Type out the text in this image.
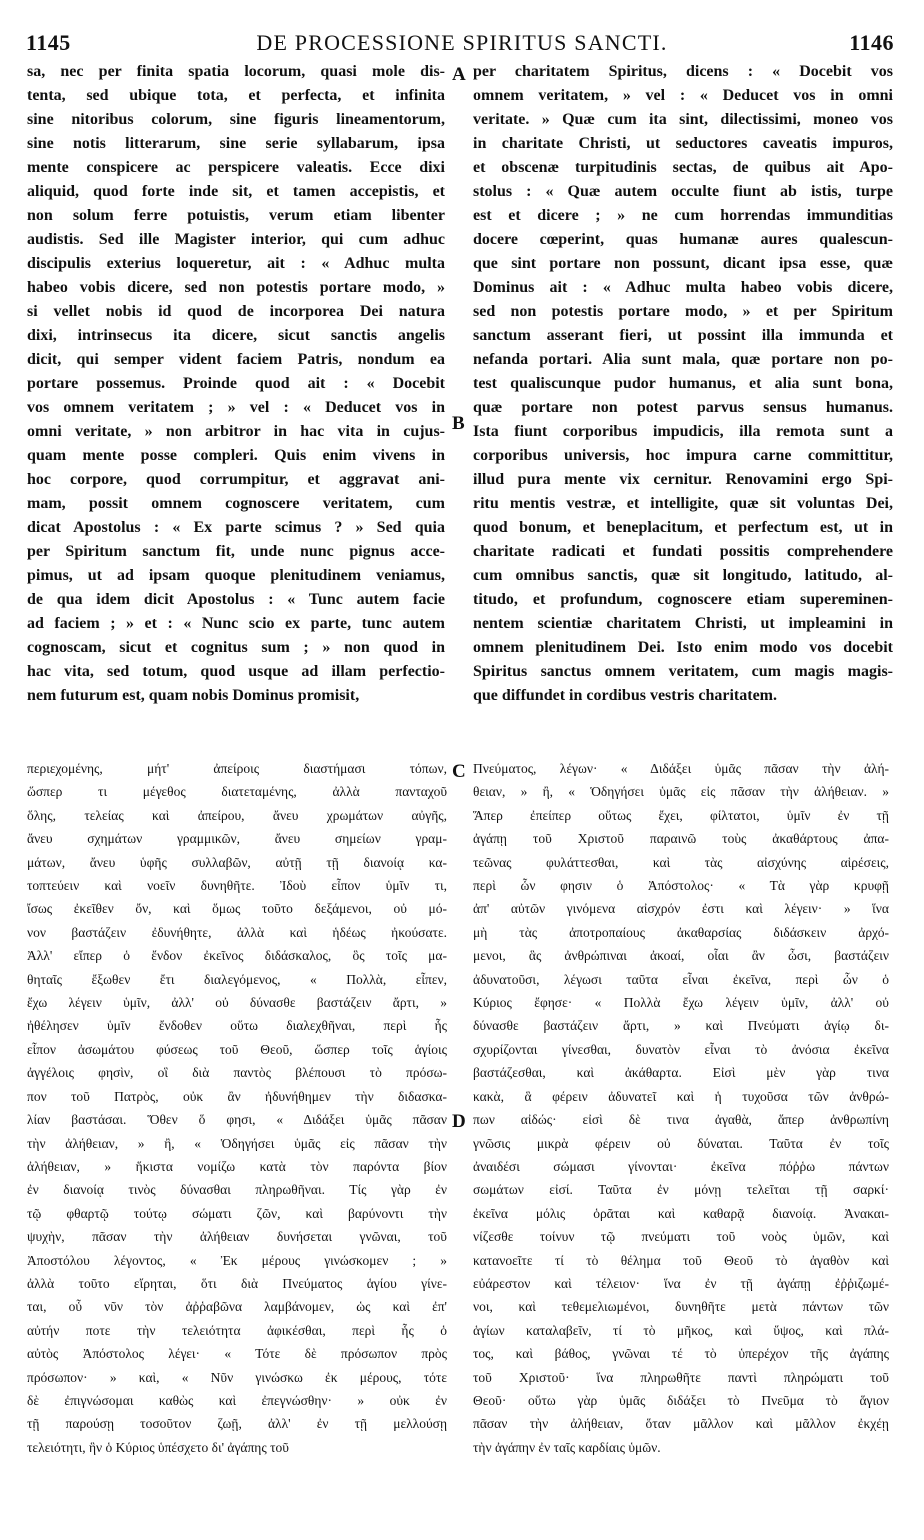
1145	DE PROCESSIONE SPIRITUS SANCTI.	1146
sa, nec per finita spatia locorum, quasi mole dis-
tenta, sed ubique tota, et perfecta, et infinita
sine nitoribus colorum, sine figuris lineamentorum,
sine notis litterarum, sine serie syllabarum, ipsa
mente conspicere ac perspicere valeatis. Ecce dixi
aliquid, quod forte inde sit, et tamen accepistis, et
non solum ferre potuistis, verum etiam libenter
audistis. Sed ille Magister interior, qui cum adhuc
discipulis exterius loqueretur, ait : « Adhuc multa
habeo vobis dicere, sed non potestis portare modo, »
si vellet nobis id quod de incorporea Dei natura
dixi, intrinsecus ita dicere, sicut sanctis angelis
dicit, qui semper vident faciem Patris, nondum ea
portare possemus. Proinde quod ait : « Docebit
vos omnem veritatem ; » vel : « Deducet vos in
omni veritate, » non arbitror in hac vita in cujus-
quam mente posse compleri. Quis enim vivens in
hoc corpore, quod corrumpitur, et aggravat ani-
mam, possit omnem cognoscere veritatem, cum
dicat Apostolus : « Ex parte scimus ? » Sed quia
per Spiritum sanctum fit, unde nunc pignus acce-
pimus, ut ad ipsam quoque plenitudinem veniamus,
de qua idem dicit Apostolus : « Tunc autem facie
ad faciem ; » et : « Nunc scio ex parte, tunc autem
cognoscam, sicut et cognitus sum ; » non quod in
hac vita, sed totum, quod usque ad illam perfectio-
nem futurum est, quam nobis Dominus promisit,
per charitatem Spiritus, dicens : « Docebit vos
omnem veritatem, » vel : « Deducet vos in omni
veritate. » Quæ cum ita sint, dilectissimi, moneo vos
in charitate Christi, ut seductores caveatis impuros,
et obscenæ turpitudinis sectas, de quibus ait Apo-
stolus : « Quæ autem occulte fiunt ab istis, turpe
est et dicere ; » ne cum horrendas immunditias
docere cœperint, quas humanæ aures qualescun-
que sint portare non possunt, dicant ipsa esse, quæ
Dominus ait : « Adhuc multa habeo vobis dicere,
sed non potestis portare modo, » et per Spiritum
sanctum asserant fieri, ut possint illa immunda et
nefanda portari. Alia sunt mala, quæ portare non po-
test qualiscunque pudor humanus, et alia sunt bona,
quæ portare non potest parvus sensus humanus.
Ista fiunt corporibus impudicis, illa remota sunt a
corporibus universis, hoc impura carne committitur,
illud pura mente vix cernitur. Renovamini ergo Spi-
ritu mentis vestræ, et intelligite, quæ sit voluntas Dei,
quod bonum, et beneplacitum, et perfectum est, ut in
charitate radicati et fundati possitis comprehendere
cum omnibus sanctis, quæ sit longitudo, latitudo, al-
titudo, et profundum, cognoscere etiam supereminen-
nentem scientiæ charitatem Christi, ut impleamini in
omnem plenitudinem Dei. Isto enim modo vos docebit
Spiritus sanctus omnem veritatem, cum magis magis-
que diffundet in cordibus vestris charitatem.
A
B
C
D
περιεχομένης, μήτ' ἀπείροις διαστήμασι τόπων,
ὥσπερ τι μέγεθος διατεταμένης, ἀλλὰ πανταχοῦ
ὅλης, τελείας καὶ ἀπείρου, ἄνευ χρωμάτων αὐγῆς,
ἄνευ σχημάτων γραμμικῶν, ἄνευ σημείων γραμ-
μάτων, ἄνευ ὑφῆς συλλαβῶν, αὐτῇ τῇ διανοίᾳ κα-
τοπτεύειν καὶ νοεῖν δυνηθῆτε. Ἰδοὺ εἶπον ὑμῖν τι,
ἴσως ἐκεῖθεν ὄν, καὶ ὅμως τοῦτο δεξάμενοι, οὐ μό-
νον βαστάζειν ἐδυνήθητε, ἀλλὰ καὶ ἡδέως ἠκούσατε.
Ἀλλ' εἴπερ ὁ ἔνδον ἐκεῖνος διδάσκαλος, ὃς τοῖς μα-
θηταῖς ἔξωθεν ἔτι διαλεγόμενος, « Πολλὰ, εἶπεν,
ἔχω λέγειν ὑμῖν, ἀλλ' οὐ δύνασθε βαστάζειν ἄρτι, »
ἠθέλησεν ὑμῖν ἔνδοθεν οὕτω διαλεχθῆναι, περὶ ἧς
εἶπον ἀσωμάτου φύσεως τοῦ Θεοῦ, ὥσπερ τοῖς ἁγίοις
ἀγγέλοις φησὶν, οἳ διὰ παντὸς βλέπουσι τὸ πρόσω-
πον τοῦ Πατρὸς, οὐκ ἂν ἠδυνήθημεν τὴν διδασκα-
λίαν βαστάσαι. Ὅθεν ὅ φησι, « Διδάξει ὑμᾶς πᾶσαν
τὴν ἀλήθειαν, » ἢ, « Ὁδηγήσει ὑμᾶς εἰς πᾶσαν τὴν
ἀλήθειαν, » ἥκιστα νομίζω κατὰ τὸν παρόντα βίον
ἐν διανοίᾳ τινὸς δύνασθαι πληρωθῆναι. Τίς γὰρ ἐν
τῷ φθαρτῷ τούτῳ σώματι ζῶν, καὶ βαρύνοντι τὴν
ψυχὴν, πᾶσαν τὴν ἀλήθειαν δυνήσεται γνῶναι, τοῦ
Ἀποστόλου λέγοντος, « Ἐκ μέρους γινώσκομεν ; »
ἀλλὰ τοῦτο εἴρηται, ὅτι διὰ Πνεύματος ἁγίου γίνε-
ται, οὗ νῦν τὸν ἀῤῥαβῶνα λαμβάνομεν, ὡς καὶ ἐπ'
αὐτήν ποτε τὴν τελειότητα ἀφικέσθαι, περὶ ἧς ὁ
αὐτὸς Ἀπόστολος λέγει· « Τότε δὲ πρόσωπον πρὸς
πρόσωπον· » καὶ, « Νῦν γινώσκω ἐκ μέρους, τότε
δὲ ἐπιγνώσομαι καθὼς καὶ ἐπεγνώσθην· » οὐκ ἐν
τῇ παρούσῃ τοσοῦτον ζωῇ, ἀλλ' ἐν τῇ μελλούσῃ
τελειότητι, ἣν ὁ Κύριος ὑπέσχετο δι' ἀγάπης τοῦ
Πνεύματος, λέγων· « Διδάξει ὑμᾶς πᾶσαν τὴν ἀλή-
θειαν, » ἢ, « Ὁδηγήσει ὑμᾶς εἰς πᾶσαν τὴν ἀλήθειαν. »
Ἅπερ ἐπείπερ οὕτως ἔχει, φίλτατοι, ὑμῖν ἐν τῇ
ἀγάπῃ τοῦ Χριστοῦ παραινῶ τοὺς ἀκαθάρτους ἀπα-
τεῶνας φυλάττεσθαι, καὶ τὰς αἰσχύνης αἱρέσεις,
περὶ ὧν φησιν ὁ Ἀπόστολος· « Τὰ γὰρ κρυφῇ
ἀπ' αὐτῶν γινόμενα αἰσχρόν ἐστι καὶ λέγειν· » ἵνα
μὴ τὰς ἀποτροπαίους ἀκαθαρσίας διδάσκειν ἀρχό-
μενοι, ἃς ἀνθρώπιναι ἀκοαί, οἷαι ἂν ὦσι, βαστάζειν
ἀδυνατοῦσι, λέγωσι ταῦτα εἶναι ἐκεῖνα, περὶ ὧν ὁ
Κύριος ἔφησε· « Πολλὰ ἔχω λέγειν ὑμῖν, ἀλλ' οὐ
δύνασθε βαστάζειν ἄρτι, » καὶ Πνεύματι ἁγίῳ δι-
σχυρίζονται γίνεσθαι, δυνατὸν εἶναι τὸ ἀνόσια ἐκεῖνα
βαστάζεσθαι, καὶ ἀκάθαρτα. Εἰσὶ μὲν γὰρ τινα
κακὰ, ἃ φέρειν ἀδυνατεῖ καὶ ἡ τυχοῦσα τῶν ἀνθρώ-
πων αἰδώς· εἰσὶ δὲ τινα ἀγαθὰ, ἅπερ ἀνθρωπίνη
γνῶσις μικρὰ φέρειν οὐ δύναται. Ταῦτα ἐν τοῖς
ἀναιδέσι σώμασι γίνονται· ἐκεῖνα πόῤῥω πάντων
σωμάτων εἰσί. Ταῦτα ἐν μόνῃ τελεῖται τῇ σαρκί·
ἐκεῖνα μόλις ὁρᾶται καὶ καθαρᾷ διανοίᾳ. Ἀνακαι-
νίζεσθε τοίνυν τῷ πνεύματι τοῦ νοὸς ὑμῶν, καὶ
κατανοεῖτε τί τὸ θέλημα τοῦ Θεοῦ τὸ ἀγαθὸν καὶ
εὐάρεστον καὶ τέλειον· ἵνα ἐν τῇ ἀγάπῃ ἐῤῥιζωμέ-
νοι, καὶ τεθεμελιωμένοι, δυνηθῆτε μετὰ πάντων τῶν
ἁγίων καταλαβεῖν, τί τὸ μῆκος, καὶ ὕψος, καὶ πλά-
τος, καὶ βάθος, γνῶναι τέ τὸ ὑπερέχον τῆς ἀγάπης
τοῦ Χριστοῦ· ἵνα πληρωθῆτε παντὶ πληρώματι τοῦ
Θεοῦ· οὕτω γὰρ ὑμᾶς διδάξει τὸ Πνεῦμα τὸ ἅγιον
πᾶσαν τὴν ἀλήθειαν, ὅταν μᾶλλον καὶ μᾶλλον ἐκχέῃ
τὴν ἀγάπην ἐν ταῖς καρδίαις ὑμῶν.
